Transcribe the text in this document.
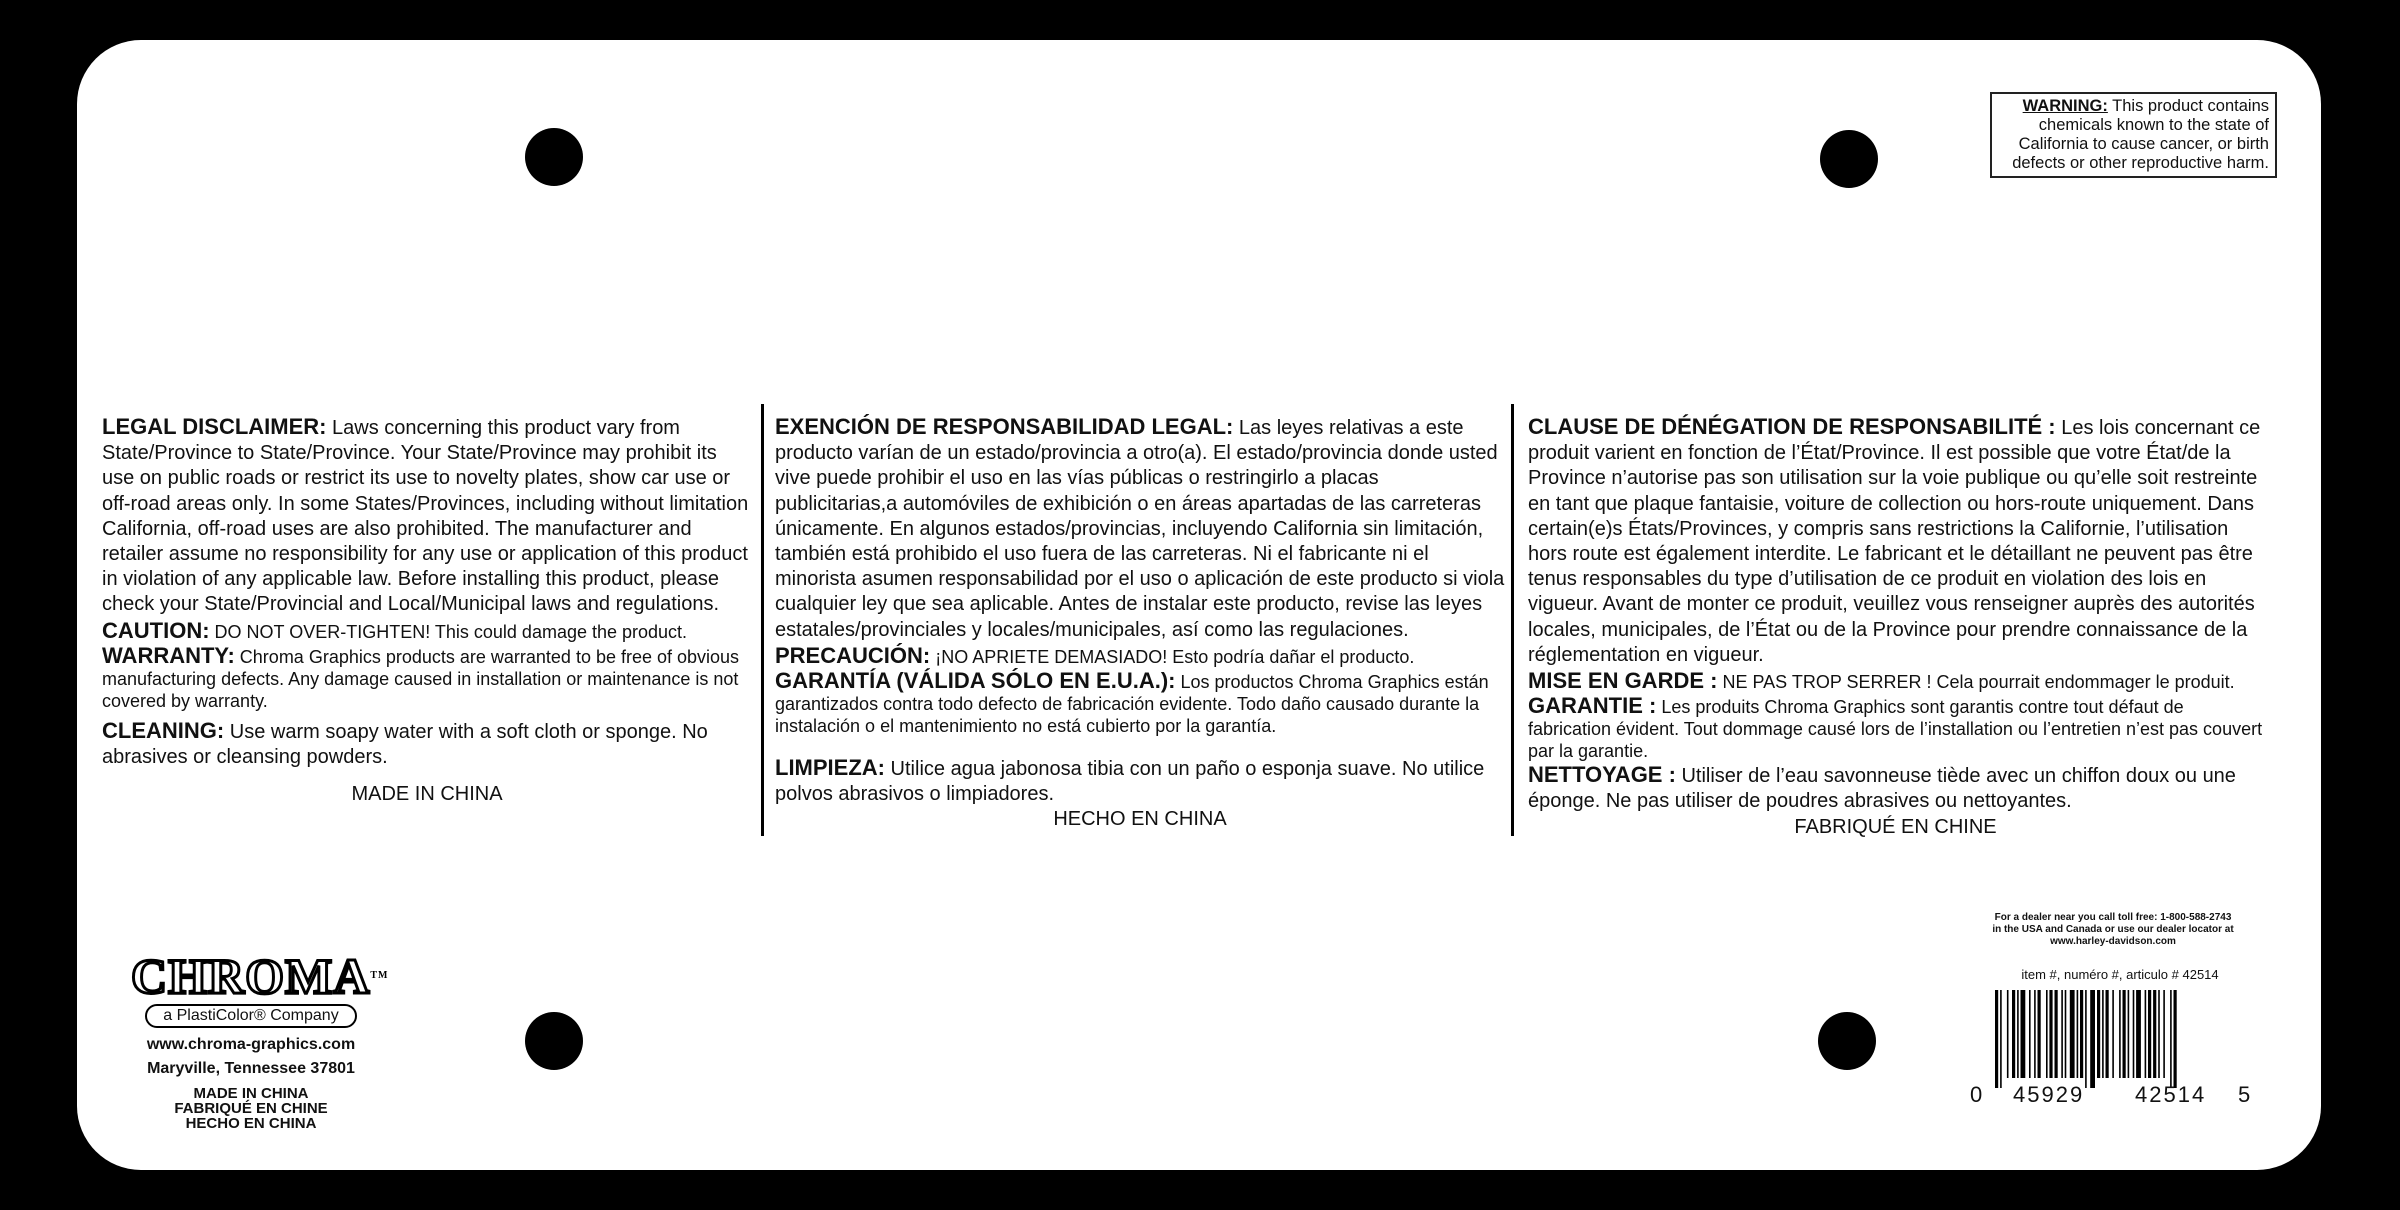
WARNING: This product contains chemicals known to the state of California to cause cancer, or birth defects or other reproductive harm.

LEGAL DISCLAIMER: Laws concerning this product vary from State/Province to State/Province. Your State/Province may prohibit its use on public roads or restrict its use to novelty plates, show car use or off-road areas only. In some States/Provinces, including without limitation California, off-road uses are also prohibited. The manufacturer and retailer assume no responsibility for any use or application of this product in violation of any applicable law. Before installing this product, please check your State/Provincial and Local/Municipal laws and regulations.

CAUTION: DO NOT OVER-TIGHTEN! This could damage the product.

WARRANTY: Chroma Graphics products are warranted to be free of obvious manufacturing defects. Any damage caused in installation or maintenance is not covered by warranty.

CLEANING: Use warm soapy water with a soft cloth or sponge. No abrasives or cleansing powders.

MADE IN CHINA

EXENCIÓN DE RESPONSABILIDAD LEGAL: Las leyes relativas a este producto varían de un estado/provincia a otro(a). El estado/provincia donde usted vive puede prohibir el uso en las vías públicas o restringirlo a placas publicitarias,a automóviles de exhibición o en áreas apartadas de las carreteras únicamente. En algunos estados/provincias, incluyendo California sin limitación, también está prohibido el uso fuera de las carreteras. Ni el fabricante ni el minorista asumen responsabilidad por el uso o aplicación de este producto si viola cualquier ley que sea aplicable. Antes de instalar este producto, revise las leyes estatales/provinciales y locales/municipales, así como las regulaciones.

PRECAUCIÓN: ¡NO APRIETE DEMASIADO! Esto podría dañar el producto.

GARANTÍA (VÁLIDA SÓLO EN E.U.A.): Los productos Chroma Graphics están garantizados contra todo defecto de fabricación evidente. Todo daño causado durante la instalación o el mantenimiento no está cubierto por la garantía.

LIMPIEZA: Utilice agua jabonosa tibia con un paño o esponja suave. No utilice polvos abrasivos o limpiadores.

HECHO EN CHINA

CLAUSE DE DÉNÉGATION DE RESPONSABILITÉ : Les lois concernant ce produit varient en fonction de l’État/Province. Il est possible que votre État/de la Province n’autorise pas son utilisation sur la voie publique ou qu’elle soit restreinte en tant que plaque fantaisie, voiture de collection ou hors-route uniquement. Dans certain(e)s États/Provinces, y compris sans restrictions la Californie, l’utilisation hors route est également interdite. Le fabricant et le détaillant ne peuvent pas être tenus responsables du type d’utilisation de ce produit en violation des lois en vigueur. Avant de monter ce produit, veuillez vous renseigner auprès des autorités locales, municipales, de l’État ou de la Province pour prendre connaissance de la réglementation en vigueur.

MISE EN GARDE : NE PAS TROP SERRER ! Cela pourrait endommager le produit.

GARANTIE : Les produits Chroma Graphics sont garantis contre tout défaut de fabrication évident. Tout dommage causé lors de l’installation ou l’entretien n’est pas couvert par la garantie.

NETTOYAGE : Utiliser de l’eau savonneuse tiède avec un chiffon doux ou une éponge. Ne pas utiliser de poudres abrasives ou nettoyantes.

FABRIQUÉ EN CHINE

CHROMA™
a PlastiColor® Company
www.chroma-graphics.com
Maryville, Tennessee 37801
MADE IN CHINA
FABRIQUÉ EN CHINE
HECHO EN CHINA
For a dealer near you call toll free: 1-800-588-2743
in the USA and Canada or use our dealer locator at
www.harley-davidson.com
item #, numéro #, articulo # 42514
0 45929 42514 5
